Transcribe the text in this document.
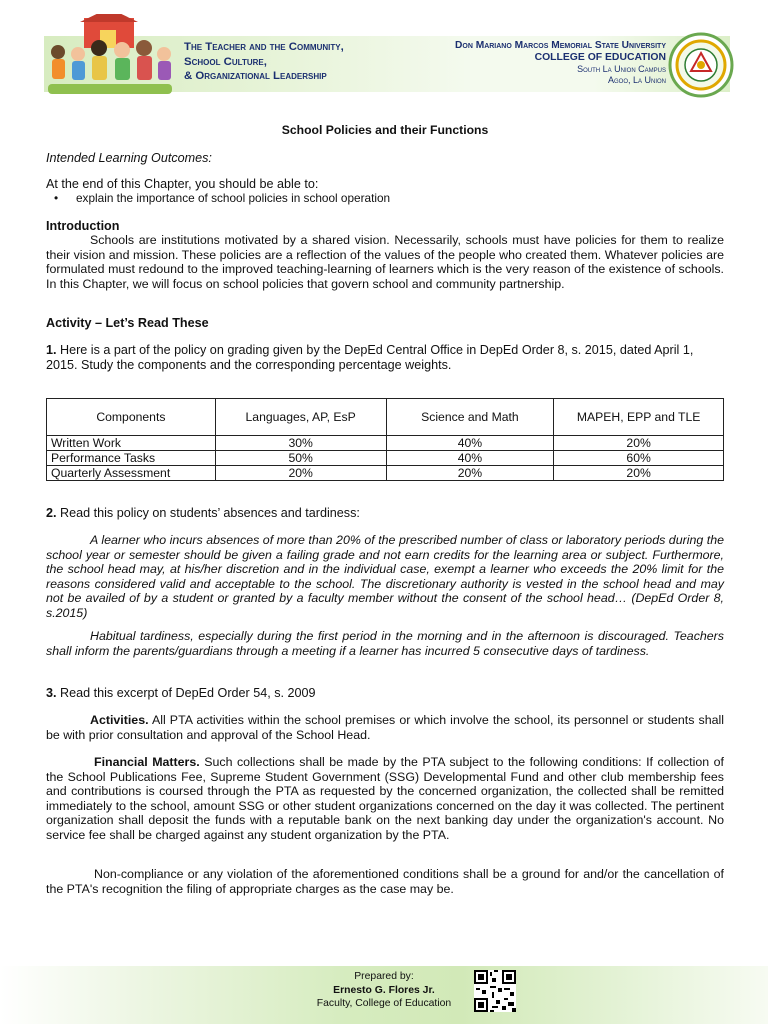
The Teacher and the Community,
School Culture,
& Organizational Leadership
Don Mariano Marcos Memorial State University
COLLEGE OF EDUCATION
South La Union Campus
Agoo, La Union
School Policies and their Functions
Intended Learning Outcomes:
At the end of this Chapter, you should be able to:
• explain the importance of school policies in school operation
Introduction
Schools are institutions motivated by a shared vision. Necessarily, schools must have policies for them to realize their vision and mission. These policies are a reflection of the values of the people who created them. Whatever policies are formulated must redound to the improved teaching-learning of learners which is the very reason of the existence of schools. In this Chapter, we will focus on school policies that govern school and community partnership.
Activity – Let’s Read These
1. Here is a part of the policy on grading given by the DepEd Central Office in DepEd Order 8, s. 2015, dated April 1, 2015. Study the components and the corresponding percentage weights.
Components	Languages, AP, EsP	Science and Math	MAPEH, EPP and TLE
Written Work	30%	40%	20%
Performance Tasks	50%	40%	60%
Quarterly Assessment	20%	20%	20%
2. Read this policy on students’ absences and tardiness:
A learner who incurs absences of more than 20% of the prescribed number of class or laboratory periods during the school year or semester should be given a failing grade and not earn credits for the learning area or subject. Furthermore, the school head may, at his/her discretion and in the individual case, exempt a learner who exceeds the 20% limit for the reasons considered valid and acceptable to the school. The discretionary authority is vested in the school head and may not be availed of by a student or granted by a faculty member without the consent of the school head… (DepEd Order 8, s.2015)
Habitual tardiness, especially during the first period in the morning and in the afternoon is discouraged. Teachers shall inform the parents/guardians through a meeting if a learner has incurred 5 consecutive days of tardiness.
3. Read this excerpt of DepEd Order 54, s. 2009
Activities. All PTA activities within the school premises or which involve the school, its personnel or students shall be with prior consultation and approval of the School Head.
Financial Matters. Such collections shall be made by the PTA subject to the following conditions: If collection of the School Publications Fee, Supreme Student Government (SSG) Developmental Fund and other club membership fees and contributions is coursed through the PTA as requested by the concerned organization, the collected shall be remitted immediately to the school, amount SSG or other student organizations concerned on the day it was collected. The pertinent organization shall deposit the funds with a reputable bank on the next banking day under the organization's account. No service fee shall be charged against any student organization by the PTA.
Non-compliance or any violation of the aforementioned conditions shall be a ground for and/or the cancellation of the PTA's recognition the filing of appropriate charges as the case may be.
Prepared by:
Ernesto G. Flores Jr.
Faculty, College of Education
